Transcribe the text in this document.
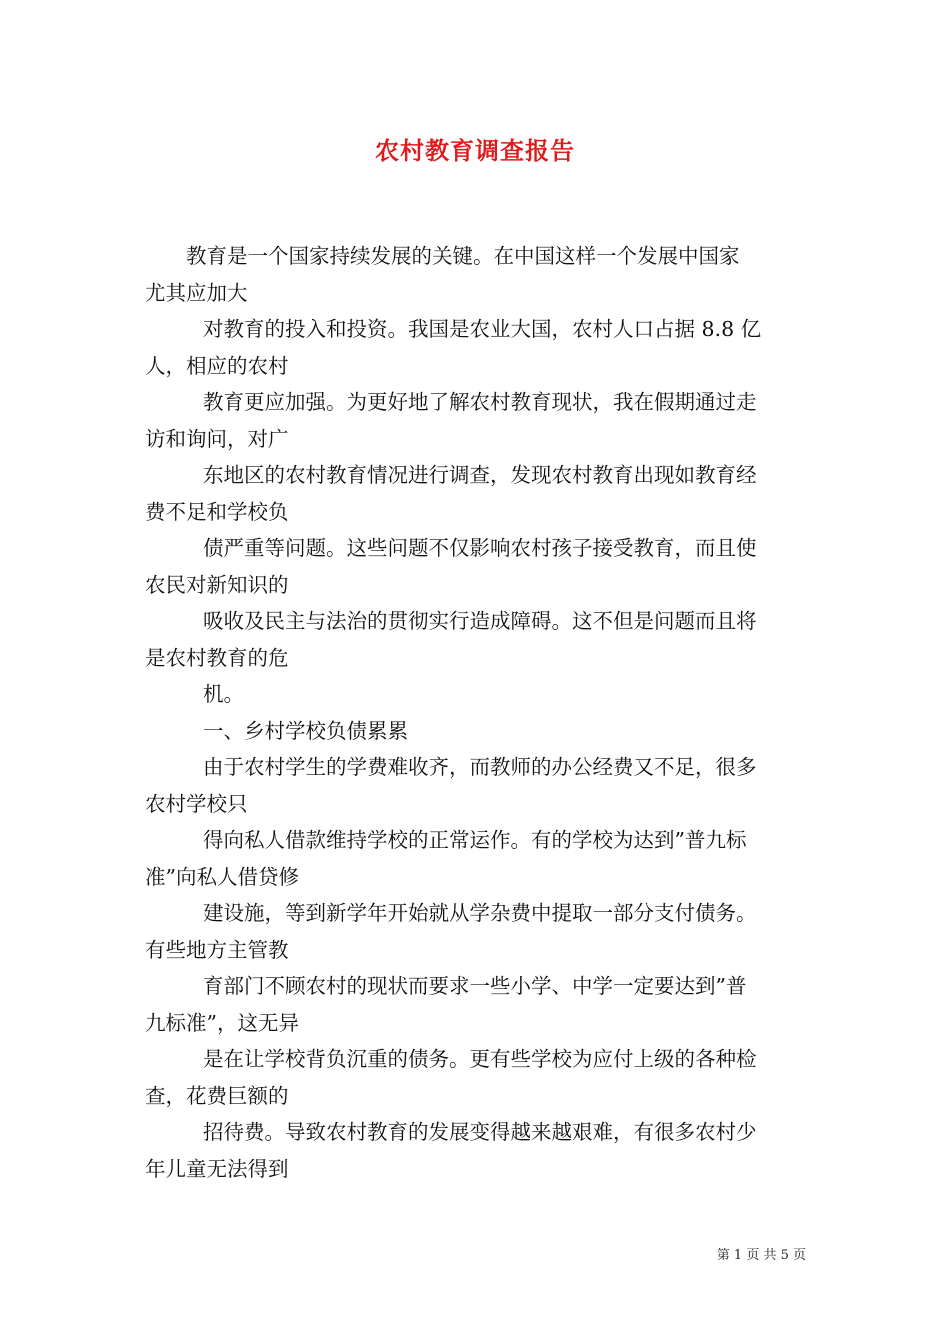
农村教育调查报告
教育是一个国家持续发展的关键。在中国这样一个发展中国家
尤其应加大
对教育的投入和投资。我国是农业大国，农村人口占据 8.8 亿
人，相应的农村
教育更应加强。为更好地了解农村教育现状，我在假期通过走
访和询问，对广
东地区的农村教育情况进行调查，发现农村教育出现如教育经
费不足和学校负
债严重等问题。这些问题不仅影响农村孩子接受教育，而且使
农民对新知识的
吸收及民主与法治的贯彻实行造成障碍。这不但是问题而且将
是农村教育的危
机。
一、乡村学校负债累累
由于农村学生的学费难收齐，而教师的办公经费又不足，很多
农村学校只
得向私人借款维持学校的正常运作。有的学校为达到”普九标
准”向私人借贷修
建设施，等到新学年开始就从学杂费中提取一部分支付债务。
有些地方主管教
育部门不顾农村的现状而要求一些小学、中学一定要达到”普
九标准”，这无异
是在让学校背负沉重的债务。更有些学校为应付上级的各种检
查，花费巨额的
招待费。导致农村教育的发展变得越来越艰难，有很多农村少
年儿童无法得到
第 1 页 共 5 页
